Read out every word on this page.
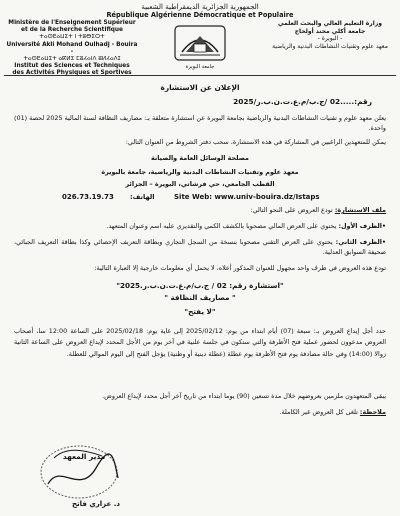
الجمهورية الجزائرية الديمقراطية الشعبية
République Algérienne Démocratique et Populaire
Ministère de l'Enseignement Supérieur
et de la Recherche Scientifique
ⵜⴰⵙⴹⴰⵡⵉⵜ ⵏ ⵜⵓⴱⵉⵔⵜ
Université Akli Mohand Oulhadj - Bouira -
ⵜⴰⵙⴹⴰⵡⵉⵜ ⴰⴽⵍⵉ ⵎⵓⵃⴰⵏⴷ ⵓⵍⵃⴰⴷⵊ
Institut des Sciences et Techniques
des Activités Physiques et Sportives
وزارة التعليم العالي والبحث العلمي
جامعة أكلي محند أولحاج
- البويرة -
معهد علوم وتقنيات النشاطات البدنية والرياضية
جامعة البويرة
الإعلان عن الاستشارة
رقم:.....02 /ج.ب/م.ع.ت.ن.ب.ر/2025
يعلن معهد علوم و تقنيات النشاطات البدنية والرياضية بجامعة البويرة عن استشارة متعلقة بـ: مصاريف النظافة لسنة المالية 2025 لحصة (01) واحدة.
يمكن للمتعهدين الراغبين في المشاركة في هذه الاستشارة، سحب دفتر الشروط من العنوان التالي:
مصلحة الوسائل العامة والصيانة
معهد علوم وتقنيات النشاطات البدنية والرياضية، جامعة بالبويرة
القطب الجامعي، حي فرشاتي، البويرة – الجزائر
026.73.19.73 الهاتف:	Site Web: www.univ-bouira.dz/Istaps
ملف الاستشارة: تودع العروض على النحو التالي:
•الظرف الأول: يحتوي على العرض المالي مصحوبا بالكشف الكمي والتقديري عليه اسم وعنوان المتعهد.
•الظرف الثاني: يحتوي على العرض التقني مصحوبا بنسخة من السجل التجاري وبطاقة التعريف الإحصائي وكذا بطاقة التعريف الجبائي، صحيفة السوابق العدلية.
تودع هذه العروض في ظرف واحد مجهول للعنوان المذكور أعلاه، لا يحمل أي معلومات خارجية إلا العبارة التالية:
"استشارة رقم: 02 / ج.ب/م.ع.ت.ن.ب.ر.2025"
" مصاريف النظافة "
"لا يفتح"
حدد أجل إيداع العروض بـ: سبعة (07) أيام ابتداء من يوم: 2025/02/12 إلى غاية يوم: 2025/02/18 على الساعة 12:00 سا، أصحاب العروض مدعوون لحضور عملية فتح الأظرفة والتي ستكون في جلسة علنية في آخر يوم من الأجل المحدد لإيداع العروض على الساعة الثانية زوالا (14:00) وفي حالة مصادفة يوم فتح الأظرفة يوم عطلة (عطلة دينية أو وطنية) يؤجل الفتح إلى اليوم الموالي للعطلة.
يبقى المتعهدون ملزمين بعروضهم خلال مدة تسعين (90) يوما ابتداء من تاريخ آخر أجل محدد لإيداع العروض.
ملاحظة: تلغى كل العروض غير الكاملة.
مدير المعهد
د. عزاري فاتح
